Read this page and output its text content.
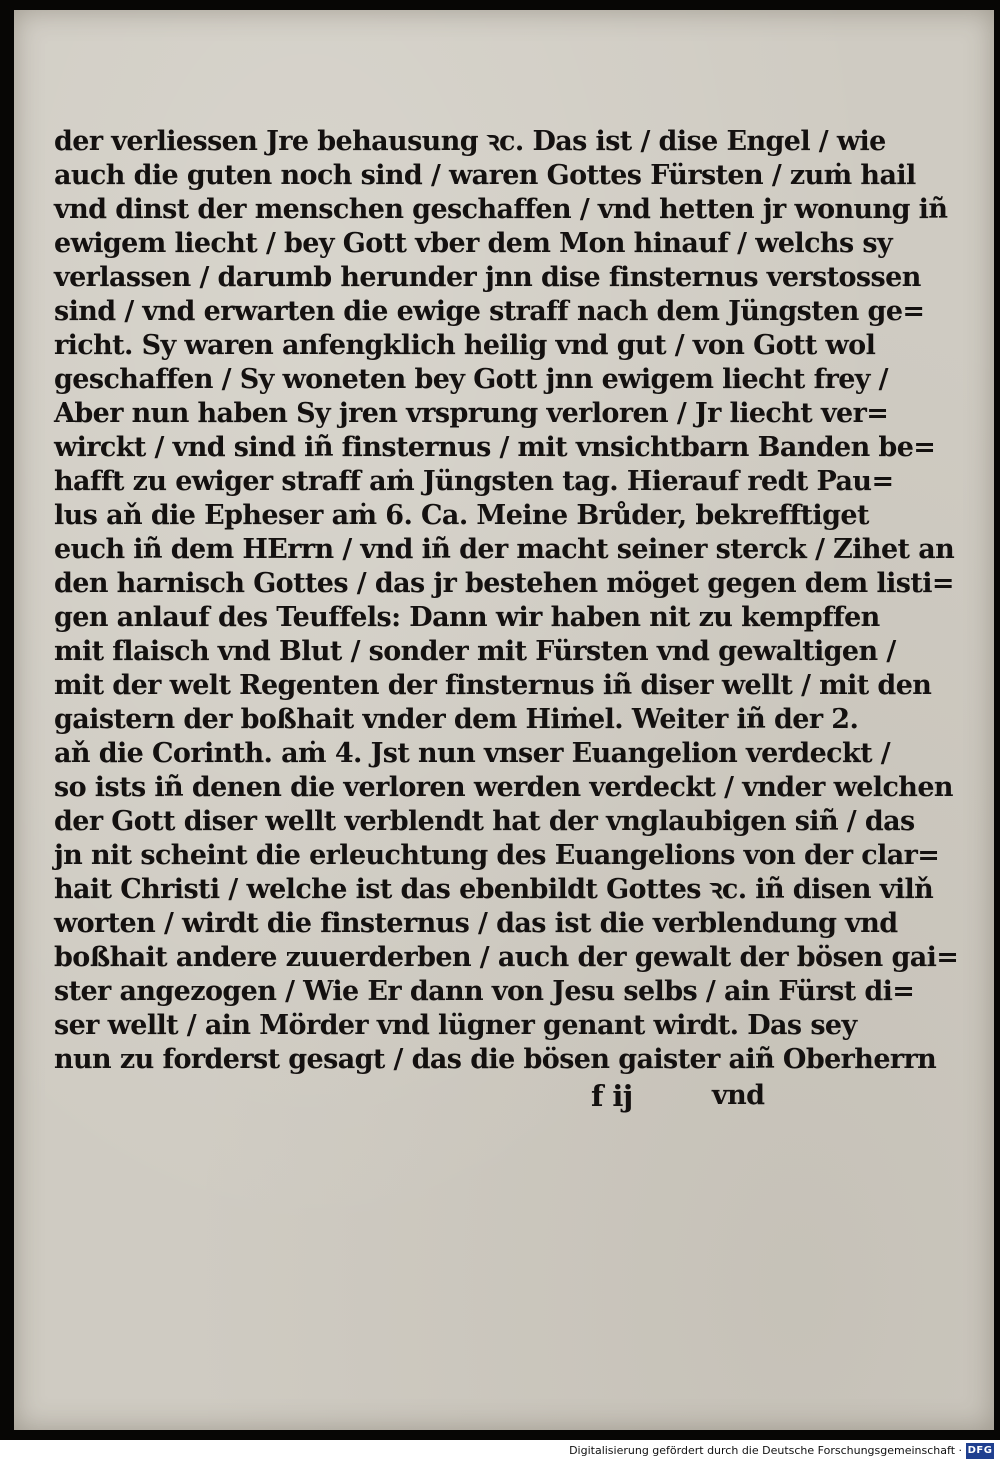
der verliessen Jre behausung ꝛc. Das ist / dise Engel / wie
auch die guten noch sind / waren Gottes Fürsten / zuṁ hail
vnd dinst der menschen geschaffen / vnd hetten jr wonung iñ
ewigem liecht / bey Gott vber dem Mon hinauf / welchs sy
verlassen / darumb herunder jnn dise finsternus verstossen
sind / vnd erwarten die ewige straff nach dem Jüngsten ge=
richt. Sy waren anfengklich heilig vnd gut / von Gott wol
geschaffen / Sy woneten bey Gott jnn ewigem liecht frey /
Aber nun haben Sy jren vrsprung verloren / Jr liecht ver=
wirckt / vnd sind iñ finsternus / mit vnsichtbarn Banden be=
hafft zu ewiger straff aṁ Jüngsten tag. Hierauf redt Pau=
lus aň die Epheser aṁ 6. Ca. Meine Brůder, bekrefftiget
euch iñ dem HErrn / vnd iñ der macht seiner sterck / Zihet an
den harnisch Gottes / das jr bestehen möget gegen dem listi=
gen anlauf des Teuffels: Dann wir haben nit zu kempffen
mit flaisch vnd Blut / sonder mit Fürsten vnd gewaltigen /
mit der welt Regenten der finsternus iñ diser wellt / mit den
gaistern der boßhait vnder dem Hiṁel. Weiter iñ der 2.
aň die Corinth. aṁ 4. Jst nun vnser Euangelion verdeckt /
so ists iñ denen die verloren werden verdeckt / vnder welchen
der Gott diser wellt verblendt hat der vnglaubigen siñ / das
jn nit scheint die erleuchtung des Euangelions von der clar=
hait Christi / welche ist das ebenbildt Gottes ꝛc. iñ disen vilň
worten / wirdt die finsternus / das ist die verblendung vnd
boßhait andere zuuerderben / auch der gewalt der bösen gai=
ster angezogen / Wie Er dann von Jesu selbs / ain Fürst di=
ser wellt / ain Mörder vnd lügner genant wirdt. Das sey
nun zu forderst gesagt / das die bösen gaister aiñ Oberherrn
f ij	vnd
Digitalisierung gefördert durch die Deutsche Forschungsgemeinschaft · DFG
